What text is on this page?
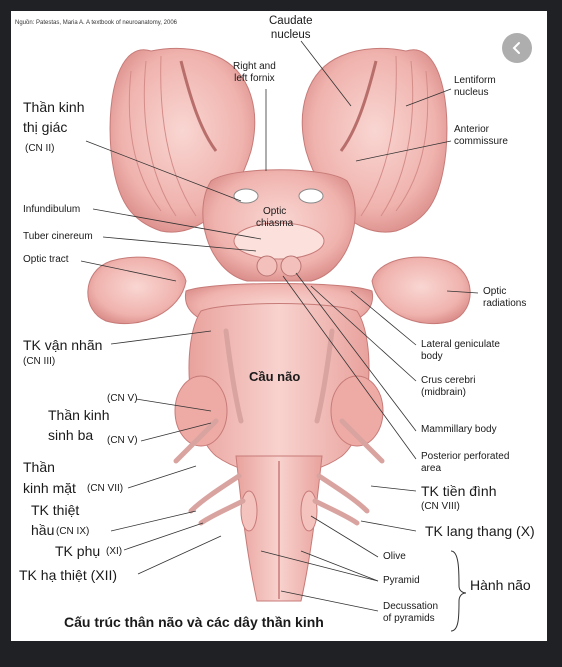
Nguồn: Patestas, Maria A. A textbook of neuroanatomy, 2006	Caudate
nucleus
Right and
left fornix	Lentiform
nucleus
Anterior
commissure
Optic
chiasma
Optic
radiations
Lateral geniculate
body
Crus cerebri
(midbrain)
Mammillary body
Posterior perforated
area
TK tiền đình
(CN VIII)
TK lang thang (X)
Olive
Pyramid
Decussation
of pyramids
Hành não
Thần kinh
thị giác
(CN II)
Infundibulum
Tuber cinereum
Optic tract
TK vận nhãn
(CN III)
(CN V)
Thần kinh
sinh ba	(CN V)
Thần
kinh mặt (CN VII)
TK thiệt
hầu (CN IX)
TK phụ (XI)
TK hạ thiệt (XII)
Cầu não
Cấu trúc thân não và các dây thần kinh
